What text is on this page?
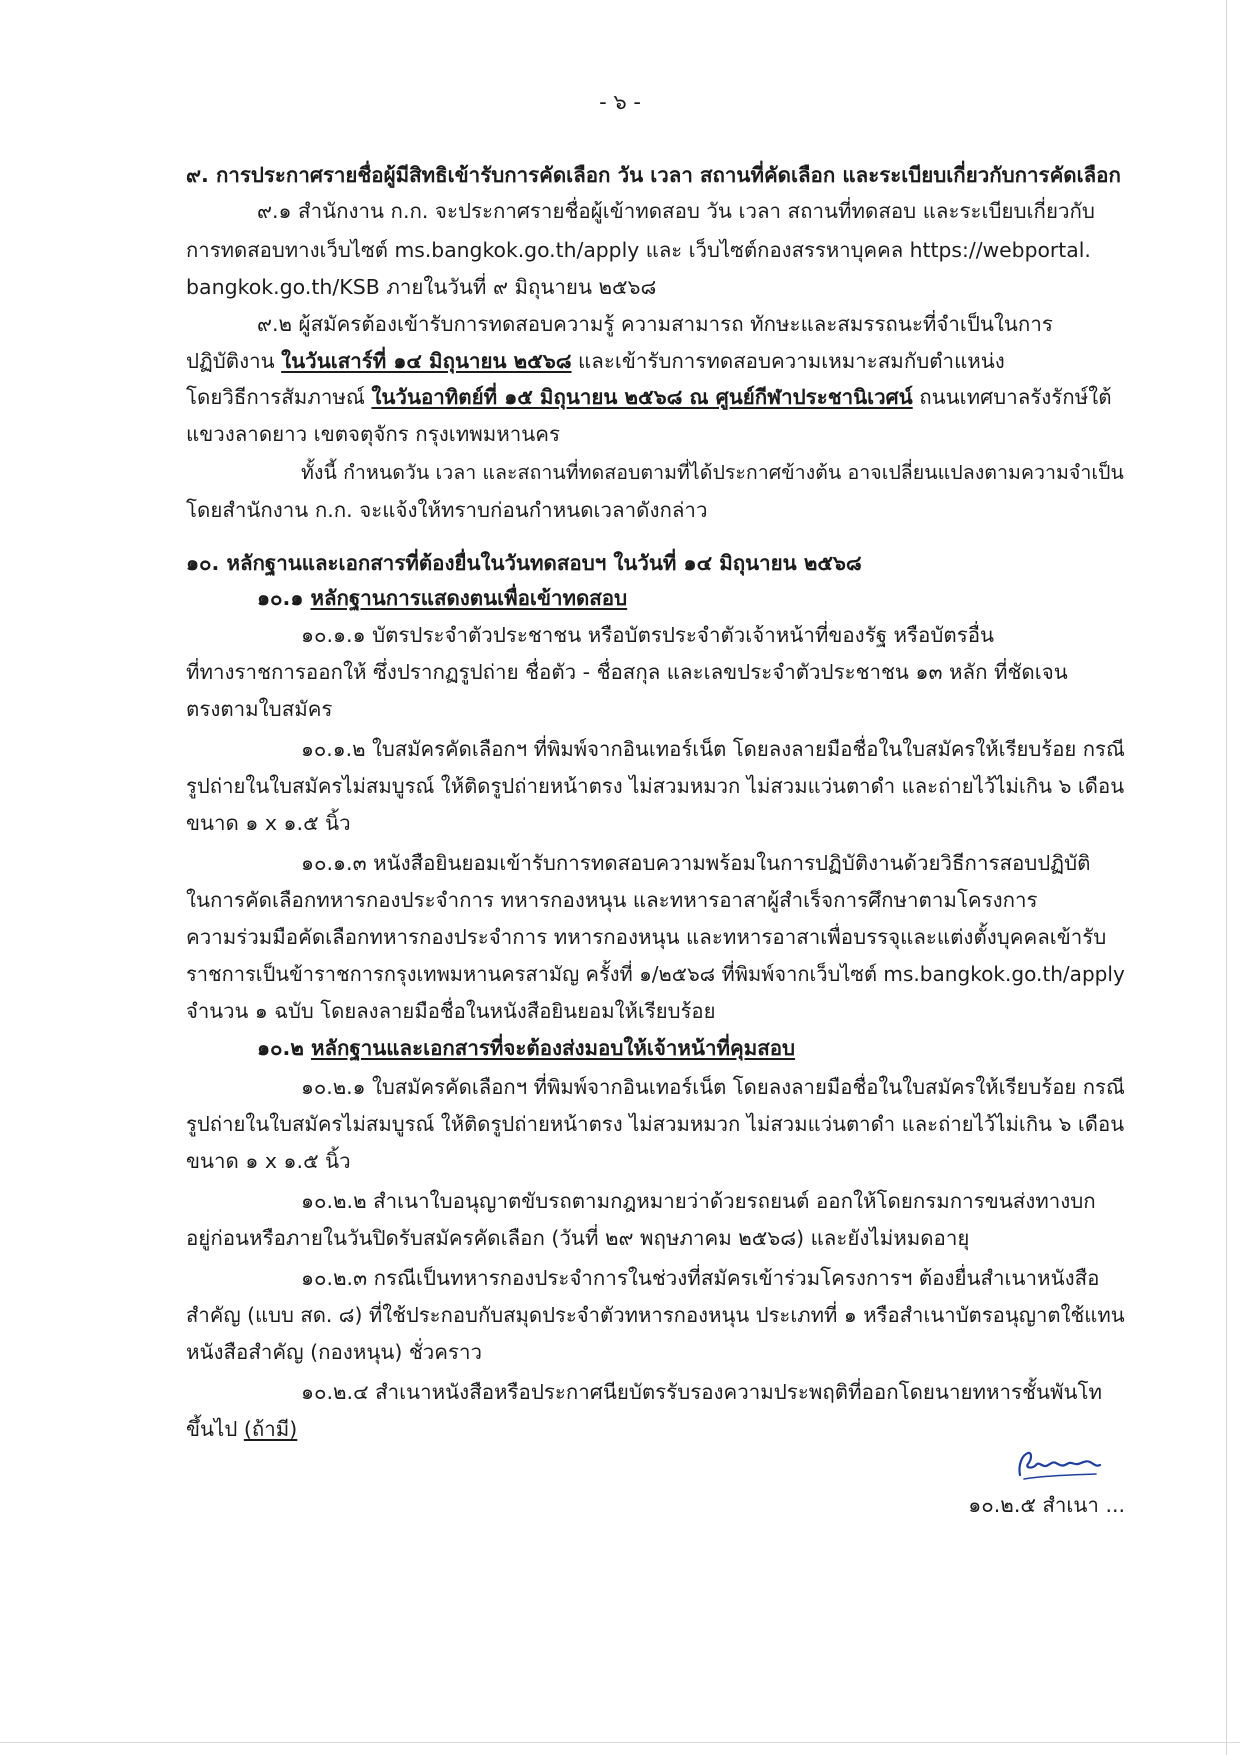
- ๖ -
๙. การประกาศรายชื่อผู้มีสิทธิเข้ารับการคัดเลือก วัน เวลา สถานที่คัดเลือก และระเบียบเกี่ยวกับการคัดเลือก
๙.๑ สำนักงาน ก.ก. จะประกาศรายชื่อผู้เข้าทดสอบ วัน เวลา สถานที่ทดสอบ และระเบียบเกี่ยวกับ
การทดสอบทางเว็บไซต์ ms.bangkok.go.th/apply และ เว็บไซต์กองสรรหาบุคคล https://webportal.
bangkok.go.th/KSB ภายในวันที่ ๙ มิถุนายน ๒๕๖๘
๙.๒ ผู้สมัครต้องเข้ารับการทดสอบความรู้ ความสามารถ ทักษะและสมรรถนะที่จำเป็นในการ
ปฏิบัติงาน ในวันเสาร์ที่ ๑๔ มิถุนายน ๒๕๖๘ และเข้ารับการทดสอบความเหมาะสมกับตำแหน่ง
โดยวิธีการสัมภาษณ์ ในวันอาทิตย์ที่ ๑๕ มิถุนายน ๒๕๖๘ ณ ศูนย์กีฬาประชานิเวศน์ ถนนเทศบาลรังรักษ์ใต้
แขวงลาดยาว เขตจตุจักร กรุงเทพมหานคร
ทั้งนี้ กำหนดวัน เวลา และสถานที่ทดสอบตามที่ได้ประกาศข้างต้น อาจเปลี่ยนแปลงตามความจำเป็น
โดยสำนักงาน ก.ก. จะแจ้งให้ทราบก่อนกำหนดเวลาดังกล่าว
๑๐. หลักฐานและเอกสารที่ต้องยื่นในวันทดสอบฯ ในวันที่ ๑๔ มิถุนายน ๒๕๖๘
๑๐.๑ หลักฐานการแสดงตนเพื่อเข้าทดสอบ
๑๐.๑.๑ บัตรประจำตัวประชาชน หรือบัตรประจำตัวเจ้าหน้าที่ของรัฐ หรือบัตรอื่น
ที่ทางราชการออกให้ ซึ่งปรากฏรูปถ่าย ชื่อตัว - ชื่อสกุล และเลขประจำตัวประชาชน ๑๓ หลัก ที่ชัดเจน
ตรงตามใบสมัคร
๑๐.๑.๒ ใบสมัครคัดเลือกฯ ที่พิมพ์จากอินเทอร์เน็ต โดยลงลายมือชื่อในใบสมัครให้เรียบร้อย กรณี
รูปถ่ายในใบสมัครไม่สมบูรณ์ ให้ติดรูปถ่ายหน้าตรง ไม่สวมหมวก ไม่สวมแว่นตาดำ และถ่ายไว้ไม่เกิน ๖ เดือน
ขนาด ๑ x ๑.๕ นิ้ว
๑๐.๑.๓ หนังสือยินยอมเข้ารับการทดสอบความพร้อมในการปฏิบัติงานด้วยวิธีการสอบปฏิบัติ
ในการคัดเลือกทหารกองประจำการ ทหารกองหนุน และทหารอาสาผู้สำเร็จการศึกษาตามโครงการ
ความร่วมมือคัดเลือกทหารกองประจำการ ทหารกองหนุน และทหารอาสาเพื่อบรรจุและแต่งตั้งบุคคลเข้ารับ
ราชการเป็นข้าราชการกรุงเทพมหานครสามัญ ครั้งที่ ๑/๒๕๖๘ ที่พิมพ์จากเว็บไซต์ ms.bangkok.go.th/apply
จำนวน ๑ ฉบับ โดยลงลายมือชื่อในหนังสือยินยอมให้เรียบร้อย
๑๐.๒ หลักฐานและเอกสารที่จะต้องส่งมอบให้เจ้าหน้าที่คุมสอบ
๑๐.๒.๑ ใบสมัครคัดเลือกฯ ที่พิมพ์จากอินเทอร์เน็ต โดยลงลายมือชื่อในใบสมัครให้เรียบร้อย กรณี
รูปถ่ายในใบสมัครไม่สมบูรณ์ ให้ติดรูปถ่ายหน้าตรง ไม่สวมหมวก ไม่สวมแว่นตาดำ และถ่ายไว้ไม่เกิน ๖ เดือน
ขนาด ๑ x ๑.๕ นิ้ว
๑๐.๒.๒ สำเนาใบอนุญาตขับรถตามกฎหมายว่าด้วยรถยนต์ ออกให้โดยกรมการขนส่งทางบก
อยู่ก่อนหรือภายในวันปิดรับสมัครคัดเลือก (วันที่ ๒๙ พฤษภาคม ๒๕๖๘) และยังไม่หมดอายุ
๑๐.๒.๓ กรณีเป็นทหารกองประจำการในช่วงที่สมัครเข้าร่วมโครงการฯ ต้องยื่นสำเนาหนังสือ
สำคัญ (แบบ สด. ๘) ที่ใช้ประกอบกับสมุดประจำตัวทหารกองหนุน ประเภทที่ ๑ หรือสำเนาบัตรอนุญาตใช้แทน
หนังสือสำคัญ (กองหนุน) ชั่วคราว
๑๐.๒.๔ สำเนาหนังสือหรือประกาศนียบัตรรับรองความประพฤติที่ออกโดยนายทหารชั้นพันโท
ขึ้นไป (ถ้ามี)
๑๐.๒.๕ สำเนา ...
